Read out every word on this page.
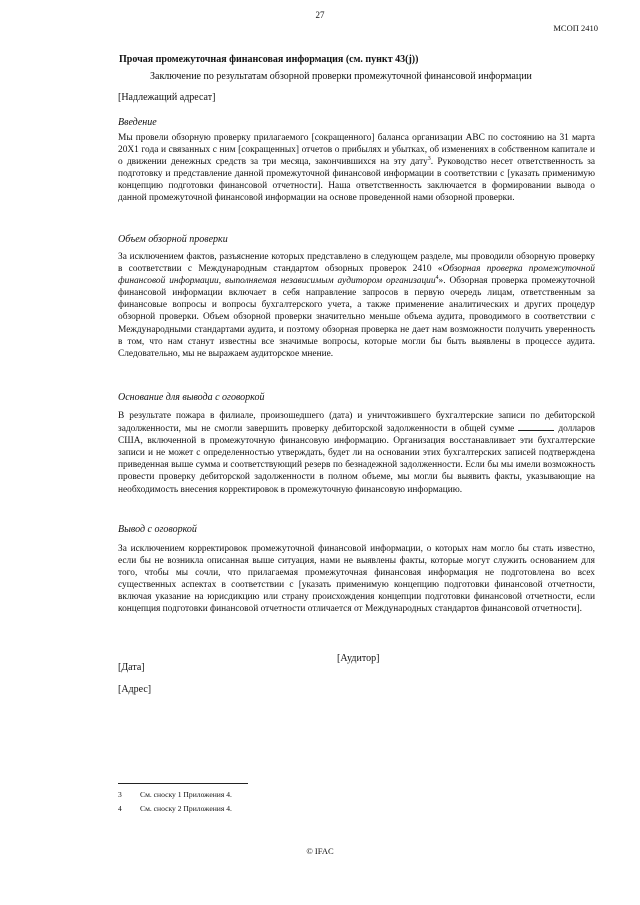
27
МСОП 2410
Прочая промежуточная финансовая информация (см. пункт 43(j))
Заключение по результатам обзорной проверки промежуточной финансовой информации
[Надлежащий адресат]
Введение

Мы провели обзорную проверку прилагаемого [сокращенного] баланса организации АВС по состоянию на 31 марта 20Х1 года и связанных с ним [сокращенных] отчетов о прибылях и убытках, об изменениях в собственном капитале и о движении денежных средств за три месяца, закончившихся на эту дату$^3$. Руководство несет ответственность за подготовку и представление данной промежуточной финансовой информации в соответствии с [указать применимую концепцию подготовки финансовой отчетности]. Наша ответственность заключается в формировании вывода о данной промежуточной финансовой информации на основе проведенной нами обзорной проверки.

Объем обзорной проверки

За исключением фактов, разъяснение которых представлено в следующем разделе, мы проводили обзорную проверку в соответствии с Международным стандартом обзорных проверок 2410 «Обзорная проверка промежуточной финансовой информации, выполняемая независимым аудитором организации$^4$». Обзорная проверка промежуточной финансовой информации включает в себя направление запросов в первую очередь лицам, ответственным за финансовые вопросы и вопросы бухгалтерского учета, а также применение аналитических и других процедур обзорной проверки. Объем обзорной проверки значительно меньше объема аудита, проводимого в соответствии с Международными стандартами аудита, и поэтому обзорная проверка не дает нам возможности получить уверенность в том, что нам станут известны все значимые вопросы, которые могли бы быть выявлены в процессе аудита. Следовательно, мы не выражаем аудиторское мнение.

Основание для вывода с оговоркой

В результате пожара в филиале, произошедшего (дата) и уничтожившего бухгалтерские записи по дебиторской задолженности, мы не смогли завершить проверку дебиторской задолженности в общей сумме	долларов США, включенной в промежуточную финансовую информацию. Организация восстанавливает эти бухгалтерские записи и не может с определенностью утверждать, будет ли на основании этих бухгалтерских записей подтверждена приведенная выше сумма и соответствующий резерв по безнадежной задолженности. Если бы мы имели возможность провести проверку дебиторской задолженности в полном объеме, мы могли бы выявить факты, указывающие на необходимость внесения корректировок в промежуточную финансовую информацию.

Вывод с оговоркой

За исключением корректировок промежуточной финансовой информации, о которых нам могло бы стать известно, если бы не возникла описанная выше ситуация, нами не выявлены факты, которые могут служить основанием для того, чтобы мы сочли, что прилагаемая промежуточная финансовая информация не подготовлена во всех существенных аспектах в соответствии с [указать применимую концепцию подготовки финансовой отчетности, включая указание на юрисдикцию или страну происхождения концепции подготовки финансовой отчетности, если концепция подготовки финансовой отчетности отличается от Международных стандартов финансовой отчетности].

[Аудитор]
[Дата]
[Адрес]
3 См. сноску 1 Приложения 4.
4 См. сноску 2 Приложения 4.
© IFAC
